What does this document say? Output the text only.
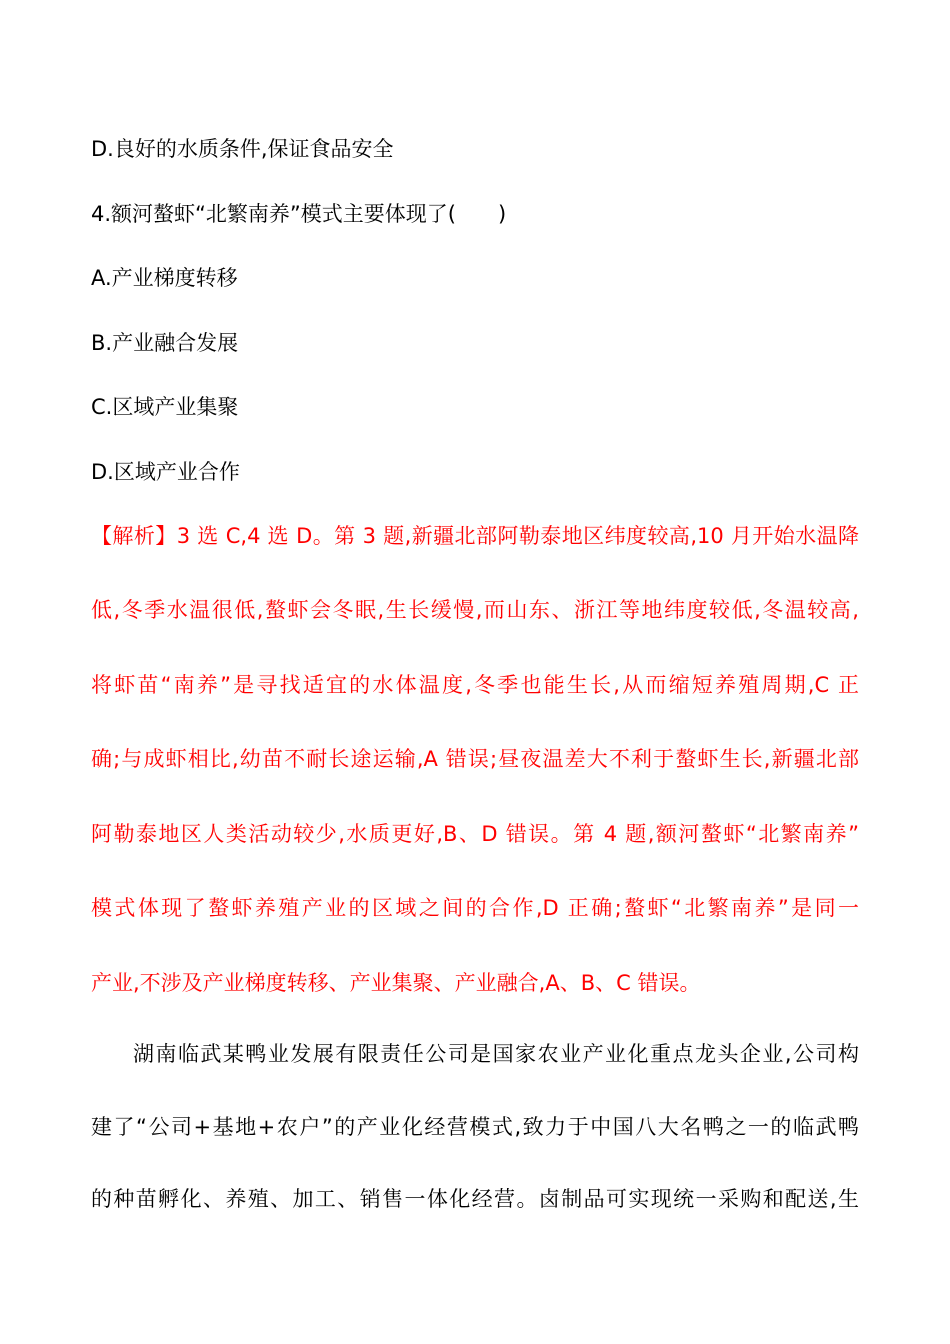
D.良好的水质条件,保证食品安全
4.额河螯虾“北繁南养”模式主要体现了(　　)
A.产业梯度转移
B.产业融合发展
C.区域产业集聚
D.区域产业合作
【解析】3 选 C,4 选 D。第 3 题,新疆北部阿勒泰地区纬度较高,10 月开始水温降
低,冬季水温很低,螯虾会冬眠,生长缓慢,而山东、浙江等地纬度较低,冬温较高,
将虾苗“南养”是寻找适宜的水体温度,冬季也能生长,从而缩短养殖周期,C 正
确;与成虾相比,幼苗不耐长途运输,A 错误;昼夜温差大不利于螯虾生长,新疆北部
阿勒泰地区人类活动较少,水质更好,B、D 错误。第 4 题,额河螯虾“北繁南养”
模式体现了螯虾养殖产业的区域之间的合作,D 正确;螯虾“北繁南养”是同一
产业,不涉及产业梯度转移、产业集聚、产业融合,A、B、C 错误。
湖南临武某鸭业发展有限责任公司是国家农业产业化重点龙头企业,公司构
建了“公司+基地+农户”的产业化经营模式,致力于中国八大名鸭之一的临武鸭
的种苗孵化、养殖、加工、销售一体化经营。卤制品可实现统一采购和配送,生
